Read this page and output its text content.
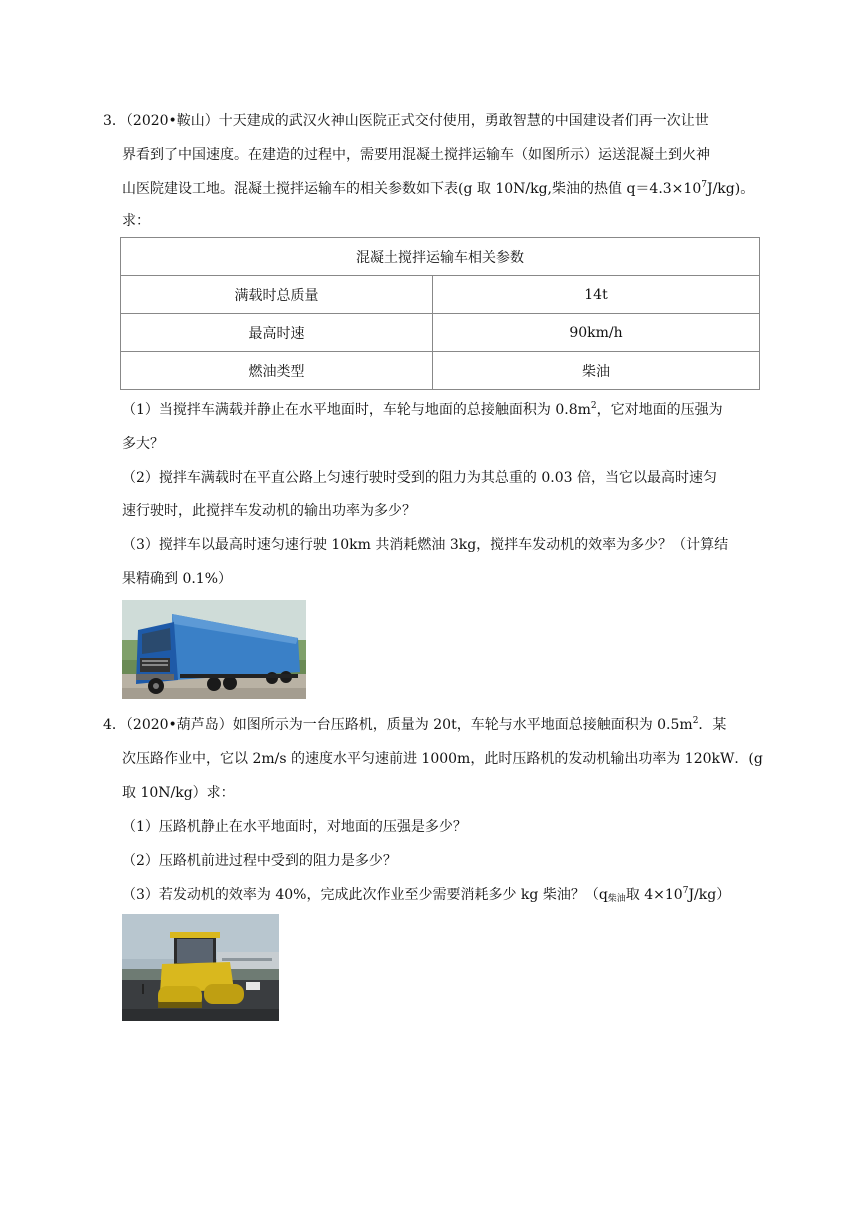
3．（2020•鞍山）十天建成的武汉火神山医院正式交付使用，勇敢智慧的中国建设者们再一次让世
界看到了中国速度。在建造的过程中，需要用混凝土搅拌运输车（如图所示）运送混凝土到火神
山医院建设工地。混凝土搅拌运输车的相关参数如下表(g 取 10N/kg,柴油的热值 $q=4.3\times 10^7J/kg$)。
求：
混凝土搅拌运输车相关参数	
满载时总质量	14t
最高时速	90km/h
燃油类型	柴油
（1）当搅拌车满载并静止在水平地面时，车轮与地面的总接触面积为 $0.8m^2$，它对地面的压强为
多大？
（2）搅拌车满载时在平直公路上匀速行驶时受到的阻力为其总重的 0.03 倍，当它以最高时速匀
速行驶时，此搅拌车发动机的输出功率为多少？
（3）搅拌车以最高时速匀速行驶 10km 共消耗燃油 3kg，搅拌车发动机的效率为多少？（计算结
果精确到 0.1%）
4．（2020•葫芦岛）如图所示为一台压路机，质量为 20t，车轮与水平地面总接触面积为 $0.5m^2$．某
次压路作业中，它以 2m/s 的速度水平匀速前进 1000m，此时压路机的发动机输出功率为 120kW．(g
取 10N/kg）求：
（1）压路机静止在水平地面时，对地面的压强是多少？
（2）压路机前进过程中受到的阻力是多少？
（3）若发动机的效率为 40%，完成此次作业至少需要消耗多少 kg 柴油？（$q_{柴油}$取 $4\times 10^7J/kg$）
